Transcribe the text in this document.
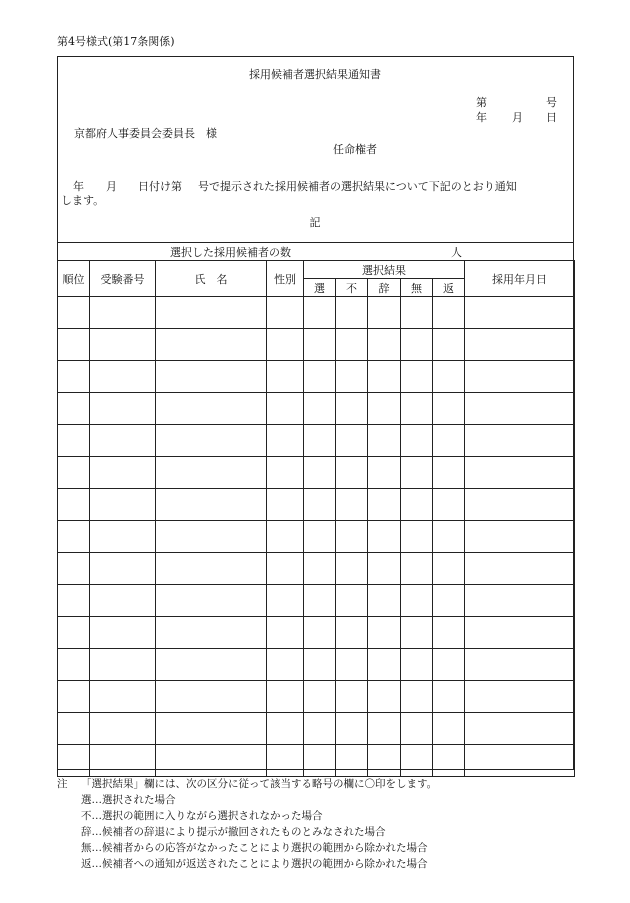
第4号様式(第17条関係)
採用候補者選択結果通知書
第	号
年 月 日
京都府人事委員会委員長　様
任命権者
年 月 日付け第 号で提示された採用候補者の選択結果について下記のとおり通知
します。
記
選択した採用候補者の数	人
順位	受験番号	氏　名	性別	選択結果					採用年月日
				選	不	辞	無	返	

注 「選択結果」欄には、次の区分に従って該当する略号の欄に〇印をします。
選…選択された場合
不…選択の範囲に入りながら選択されなかった場合
辞…候補者の辞退により提示が撤回されたものとみなされた場合
無…候補者からの応答がなかったことにより選択の範囲から除かれた場合
返…候補者への通知が返送されたことにより選択の範囲から除かれた場合
